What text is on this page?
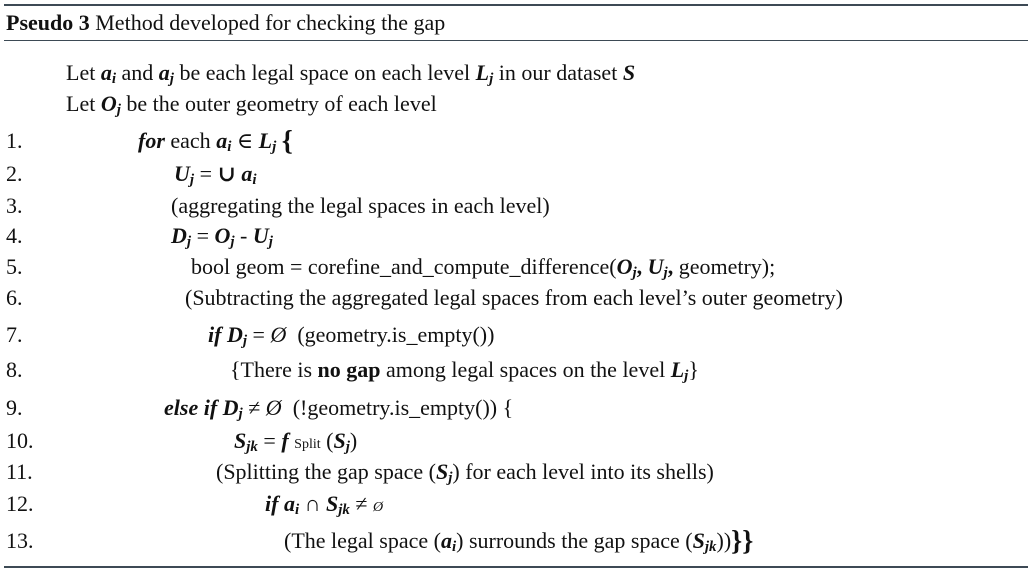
Pseudo 3 Method developed for checking the gap
Let $a_i$ and $a_j$ be each legal space on each level $L_j$ in our dataset S
Let $O_j$ be the outer geometry of each level
1.	for each $a_i$ ∈ $L_j$ {
2.	$U_j$ = ∪ $a_i$
3.	(aggregating the legal spaces in each level)
4.	$D_j = O_j - U_j$
5.	bool geom = $corefine\_and\_compute\_difference(O_j$, $U_j$, geometry);
6.	(Subtracting the aggregated legal spaces from each level’s outer geometry)
7.	if $D_j$ = Ø (geometry.is_empty())
8.	{There is no gap among legal spaces on the level $L_j$}
9.	else if $D_j$ ≠ Ø (!geometry.is_empty()) {
10.	$S_{jk} = f$ Split $(S_j)$
11.	(Splitting the gap space $(S_j)$ for each level into its shells)
12.	if $a_i$ ∩ $S_{jk}$ ≠ Ø
13.	(The legal space $(a_i)$ surrounds the gap space $(S_{jk})$)}}
